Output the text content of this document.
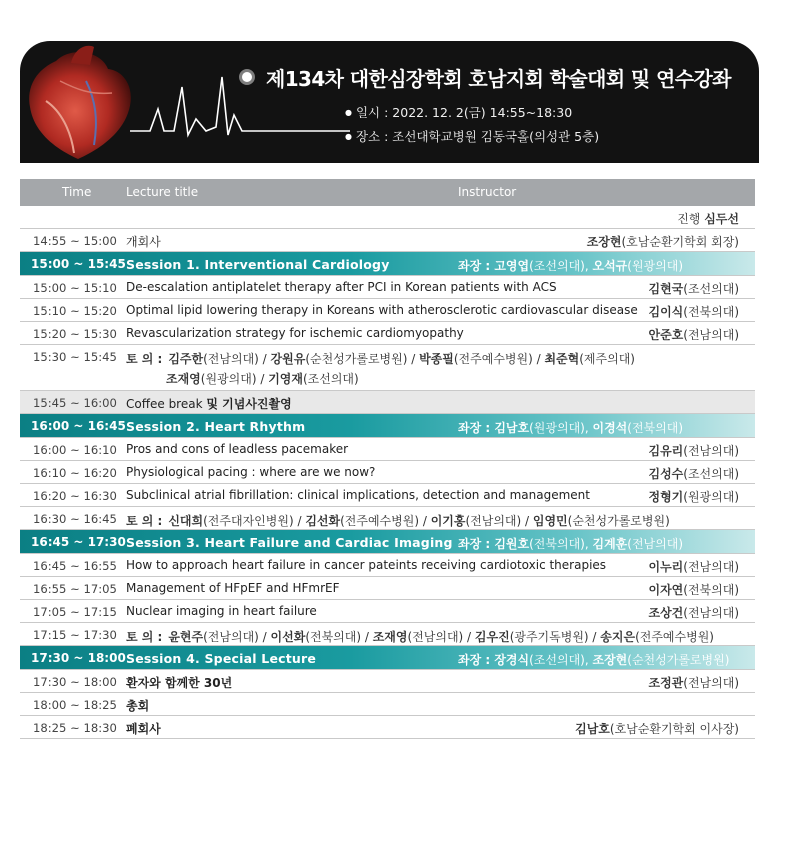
제134차 대한심장학회 호남지회 학술대회 및 연수강좌
● 일시 : 2022. 12. 2(금) 14:55~18:30
● 장소 : 조선대학교병원 김동국홀(의성관 5층)
Time	Lecture title	Instructor
진행 심두선
14:55 ~ 15:00 개회사	조장현(호남순환기학회 회장)
15:00 ~ 15:45 Session 1. Interventional Cardiology	좌장 : 고영엽(조선의대), 오석규(원광의대)
15:00 ~ 15:10 De-escalation antiplatelet therapy after PCI in Korean patients with ACS	김현국(조선의대)
15:10 ~ 15:20 Optimal lipid lowering therapy in Koreans with atherosclerotic cardiovascular disease 김이식(전북의대)
15:20 ~ 15:30 Revascularization strategy for ischemic cardiomyopathy	안준호(전남의대)
15:30 ~ 15:45 토 의 : 김주한(전남의대) / 강원유(순천성가롤로병원) / 박종필(전주예수병원) / 최준혁(제주의대)
조재영(원광의대) / 기영재(조선의대)
15:45 ~ 16:00 Coffee break 및 기념사진촬영
16:00 ~ 16:45 Session 2. Heart Rhythm	좌장 : 김남호(원광의대), 이경석(전북의대)
16:00 ~ 16:10 Pros and cons of leadless pacemaker	김유리(전남의대)
16:10 ~ 16:20 Physiological pacing : where are we now?	김성수(조선의대)
16:20 ~ 16:30 Subclinical atrial fibrillation: clinical implications, detection and management	정형기(원광의대)
16:30 ~ 16:45 토 의 : 신대희(전주대자인병원) / 김선화(전주예수병원) / 이기홍(전남의대) / 임영민(순천성가롤로병원)
16:45 ~ 17:30 Session 3. Heart Failure and Cardiac Imaging 좌장 : 김원호(전북의대), 김계훈(전남의대)
16:45 ~ 16:55 How to approach heart failure in cancer pateints receiving cardiotoxic therapies	이누리(전남의대)
16:55 ~ 17:05 Management of HFpEF and HFmrEF	이자연(전북의대)
17:05 ~ 17:15 Nuclear imaging in heart failure	조상건(전남의대)
17:15 ~ 17:30 토 의 : 윤현주(전남의대) / 이선화(전북의대) / 조재영(전남의대) / 김우진(광주기독병원) / 송지은(전주예수병원)
17:30 ~ 18:00 Session 4. Special Lecture	좌장 : 장경식(조선의대), 조장현(순천성가롤로병원)
17:30 ~ 18:00 환자와 함께한 30년	조정관(전남의대)
18:00 ~ 18:25 총회
18:25 ~ 18:30 폐회사	김남호(호남순환기학회 이사장)
